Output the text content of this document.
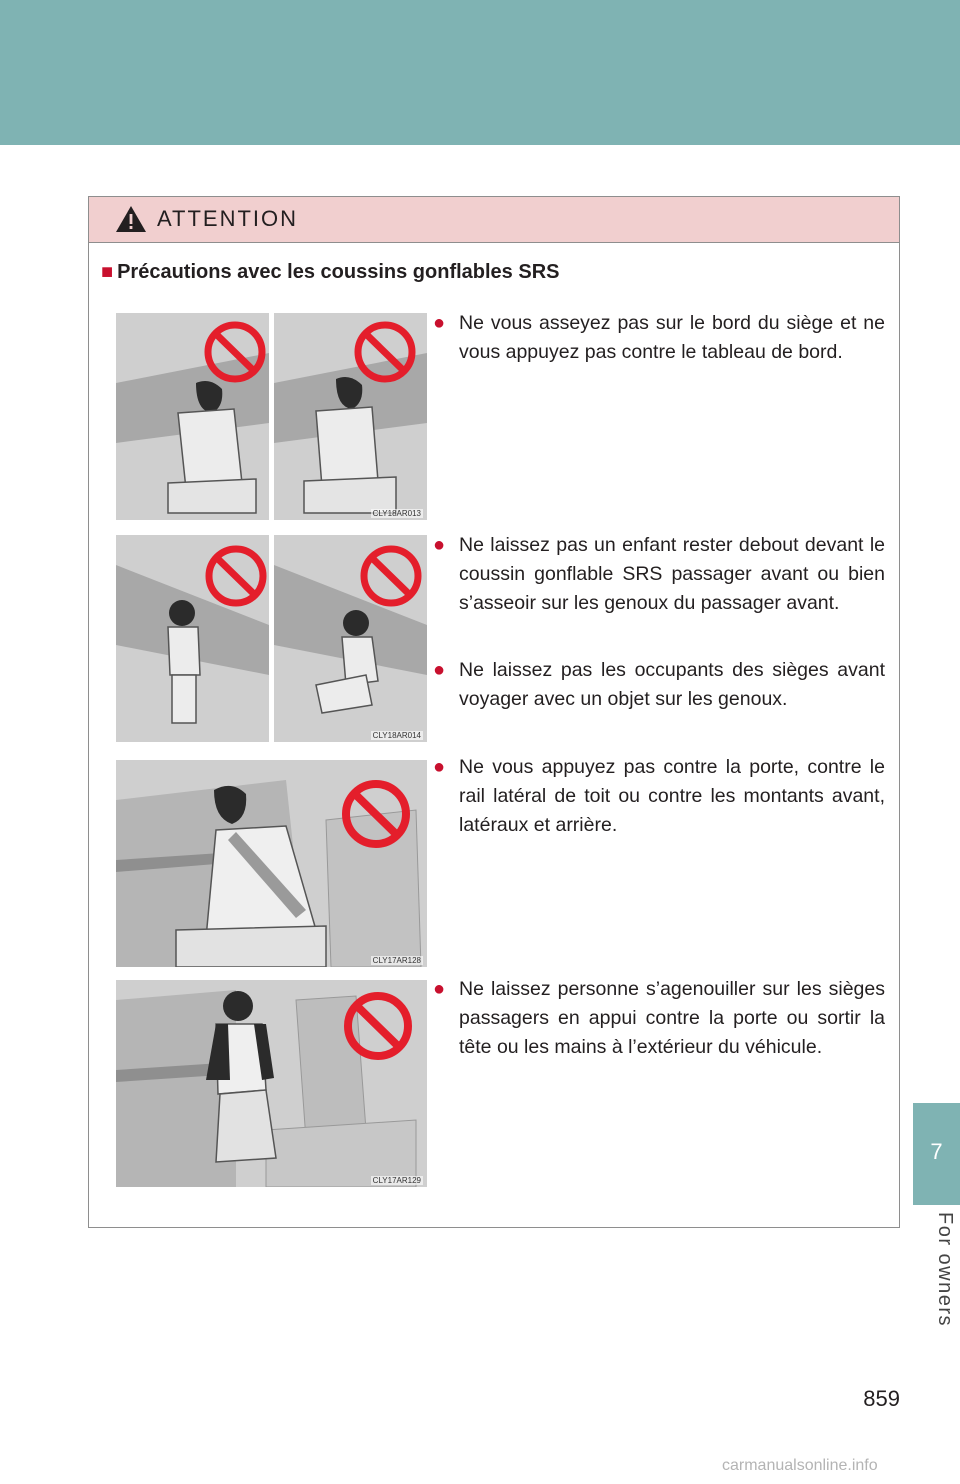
ATTENTION
■ Précautions avec les coussins gonflables SRS
CLY18AR013
CLY18AR014
CLY17AR128
CLY17AR129
● Ne vous asseyez pas sur le bord du siège et ne vous appuyez pas contre le tableau de bord.
● Ne laissez pas un enfant rester debout devant le coussin gonflable SRS passager avant ou bien s’asseoir sur les genoux du passager avant.
● Ne laissez pas les occupants des sièges avant voyager avec un objet sur les genoux.
● Ne vous appuyez pas contre la porte, contre le rail latéral de toit ou contre les montants avant, latéraux et arrière.
● Ne laissez personne s’agenouiller sur les sièges passagers en appui contre la porte ou sortir la tête ou les mains à l’extérieur du véhicule.
7
For owners
859
carmanualsonline.info
